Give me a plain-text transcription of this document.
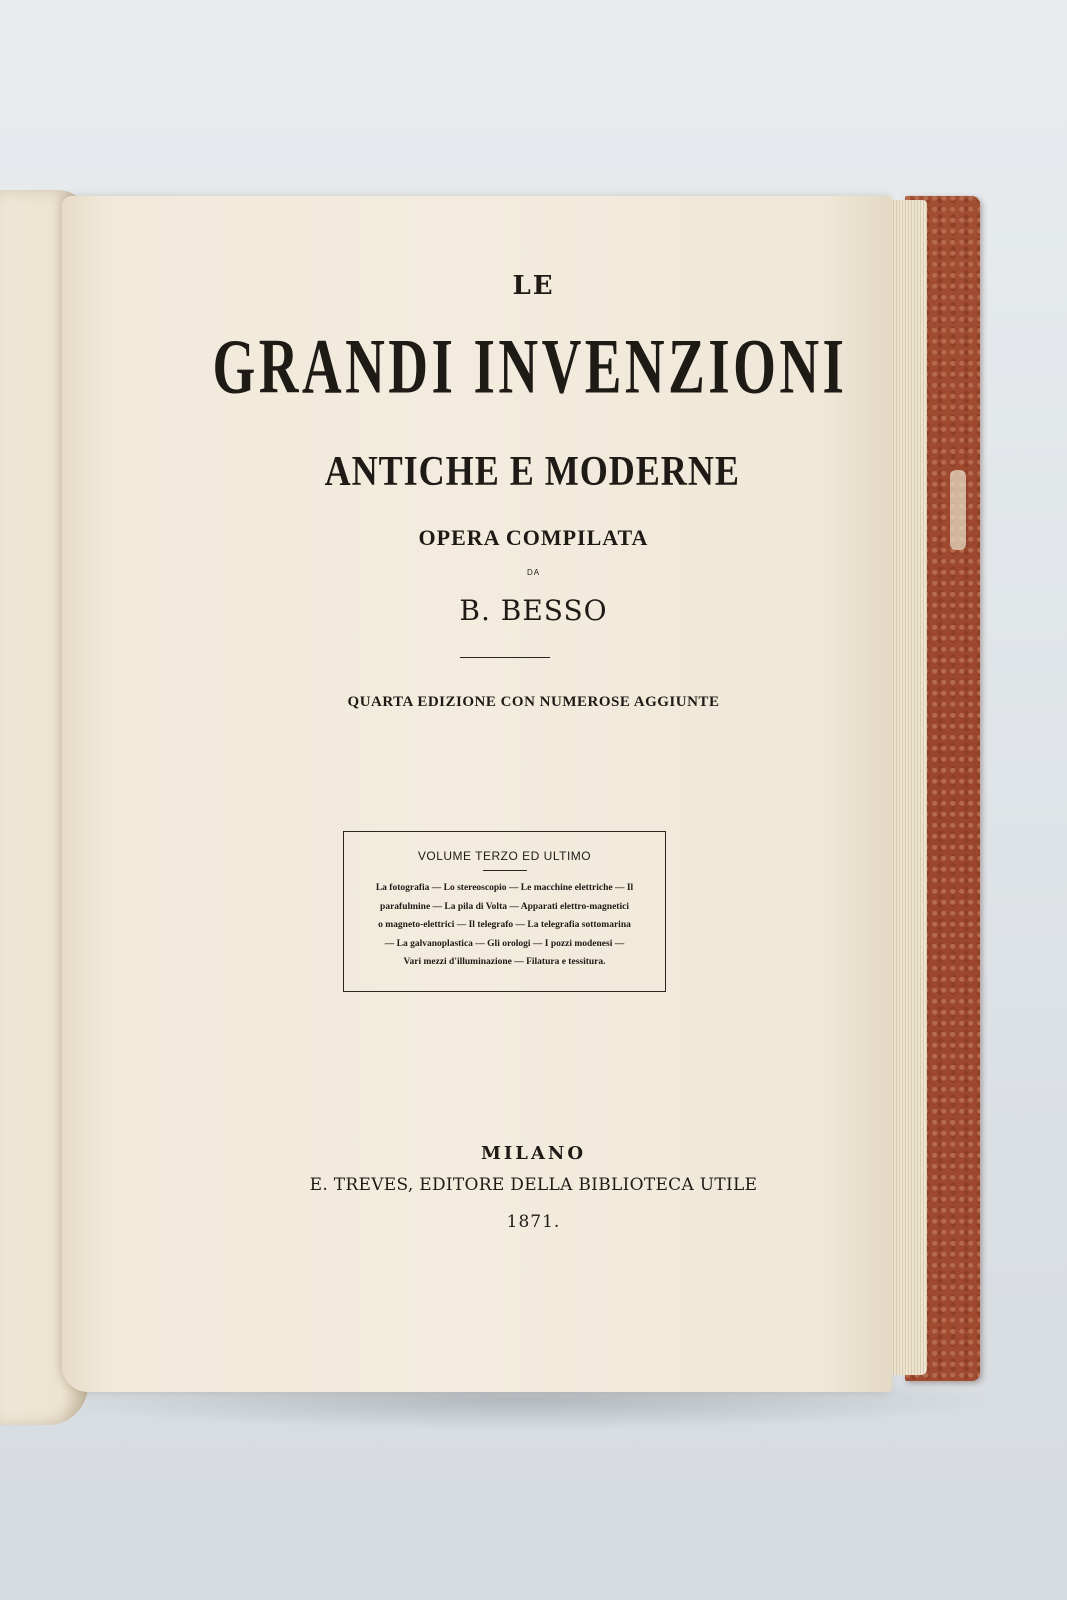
LE
GRANDI INVENZIONI
ANTICHE E MODERNE
OPERA COMPILATA
DA
B. BESSO
QUARTA EDIZIONE CON NUMEROSE AGGIUNTE
VOLUME TERZO ED ULTIMO
La fotografia — Lo stereoscopio — Le macchine elettriche — Il
parafulmine — La pila di Volta — Apparati elettro-magnetici
o magneto-elettrici — Il telegrafo — La telegrafia sottomarina
— La galvanoplastica — Gli orologi — I pozzi modenesi —
Vari mezzi d'illuminazione — Filatura e tessitura.
MILANO
E. TREVES, EDITORE DELLA BIBLIOTECA UTILE
1871.
